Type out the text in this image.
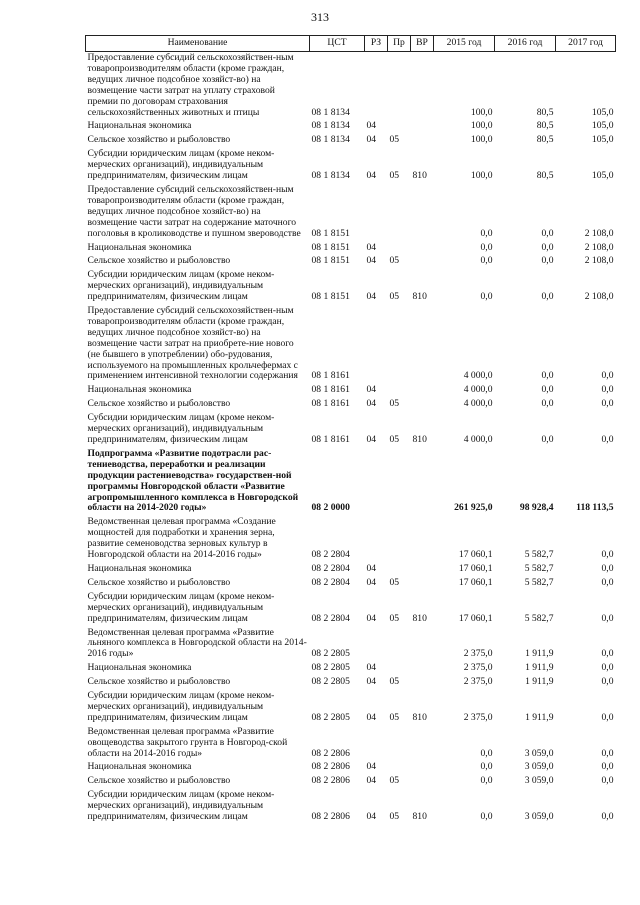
313
Наименование	ЦСТ	РЗ	Пр	ВР	2015 год	2016 год	2017 год
Предоставление субсидий сельскохозяйствен-ным товаропроизводителям области (кроме граждан, ведущих личное подсобное хозяйст-во) на возмещение части затрат на уплату страховой премии по договорам страхования сельскохозяйственных животных и птицы	08 1 8134				100,0	80,5	105,0
Национальная экономика	08 1 8134	04			100,0	80,5	105,0
Сельское хозяйство и рыболовство	08 1 8134	04	05		100,0	80,5	105,0
Субсидии юридическим лицам (кроме неком-мерческих организаций), индивидуальным предпринимателям, физическим лицам	08 1 8134	04	05	810	100,0	80,5	105,0
Предоставление субсидий сельскохозяйствен-ным товаропроизводителям области (кроме граждан, ведущих личное подсобное хозяйст-во) на возмещение части затрат на содержание маточного поголовья в кролиководстве и пушном звероводстве	08 1 8151				0,0	0,0	2 108,0
Национальная экономика	08 1 8151	04			0,0	0,0	2 108,0
Сельское хозяйство и рыболовство	08 1 8151	04	05		0,0	0,0	2 108,0
Субсидии юридическим лицам (кроме неком-мерческих организаций), индивидуальным предпринимателям, физическим лицам	08 1 8151	04	05	810	0,0	0,0	2 108,0
Предоставление субсидий сельскохозяйствен-ным товаропроизводителям области (кроме граждан, ведущих личное подсобное хозяйст-во) на возмещение части затрат на приобрете-ние нового (не бывшего в употреблении) обо-рудования, используемого на промышленных крольчефермах с применением интенсивной технологии содержания	08 1 8161				4 000,0	0,0	0,0
Национальная экономика	08 1 8161	04			4 000,0	0,0	0,0
Сельское хозяйство и рыболовство	08 1 8161	04	05		4 000,0	0,0	0,0
Субсидии юридическим лицам (кроме неком-мерческих организаций), индивидуальным предпринимателям, физическим лицам	08 1 8161	04	05	810	4 000,0	0,0	0,0
Подпрограмма «Развитие подотрасли рас-тениеводства, переработки и реализации продукции растениеводства» государствен-ной программы Новгородской области «Развитие агропромышленного комплекса в Новгородской области на 2014-2020 годы»	08 2 0000				261 925,0	98 928,4	118 113,5
Ведомственная целевая программа «Создание мощностей для подработки и хранения зерна, развитие семеноводства зерновых культур в Новгородской области на 2014-2016 годы»	08 2 2804				17 060,1	5 582,7	0,0
Национальная экономика	08 2 2804	04			17 060,1	5 582,7	0,0
Сельское хозяйство и рыболовство	08 2 2804	04	05		17 060,1	5 582,7	0,0
Субсидии юридическим лицам (кроме неком-мерческих организаций), индивидуальным предпринимателям, физическим лицам	08 2 2804	04	05	810	17 060,1	5 582,7	0,0
Ведомственная целевая программа «Развитие льняного комплекса в Новгородской области на 2014-2016 годы»	08 2 2805				2 375,0	1 911,9	0,0
Национальная экономика	08 2 2805	04			2 375,0	1 911,9	0,0
Сельское хозяйство и рыболовство	08 2 2805	04	05		2 375,0	1 911,9	0,0
Субсидии юридическим лицам (кроме неком-мерческих организаций), индивидуальным предпринимателям, физическим лицам	08 2 2805	04	05	810	2 375,0	1 911,9	0,0
Ведомственная целевая программа «Развитие овощеводства закрытого грунта в Новгород-ской области на 2014-2016 годы»	08 2 2806				0,0	3 059,0	0,0
Национальная экономика	08 2 2806	04			0,0	3 059,0	0,0
Сельское хозяйство и рыболовство	08 2 2806	04	05		0,0	3 059,0	0,0
Субсидии юридическим лицам (кроме неком-мерческих организаций), индивидуальным предпринимателям, физическим лицам	08 2 2806	04	05	810	0,0	3 059,0	0,0
